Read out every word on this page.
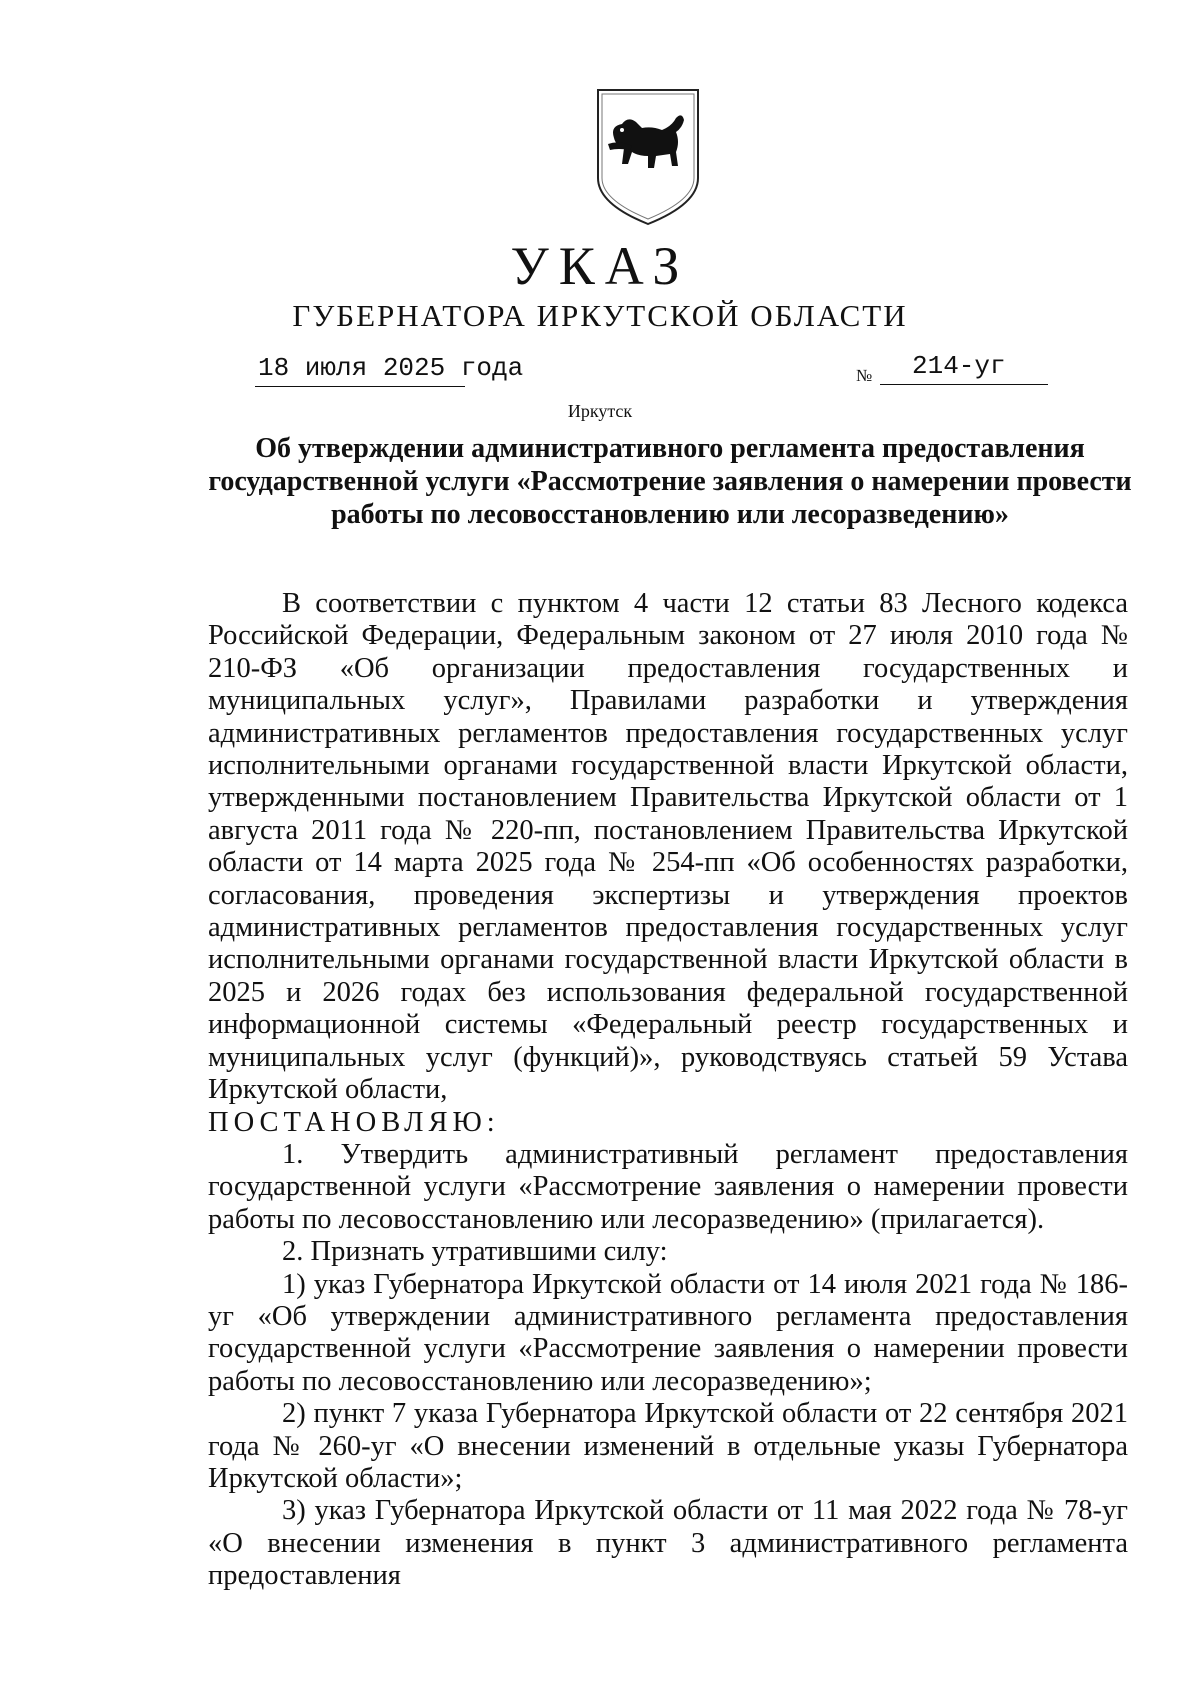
УКАЗ
ГУБЕРНАТОРА ИРКУТСКОЙ ОБЛАСТИ
18 июля 2025 года	№ 214-уг
Иркутск
Об утверждении административного регламента предоставления государственной услуги «Рассмотрение заявления о намерении провести работы по лесовосстановлению или лесоразведению»

В соответствии с пунктом 4 части 12 статьи 83 Лесного кодекса Российской Федерации, Федеральным законом от 27 июля 2010 года № 210-ФЗ «Об организации предоставления государственных и муниципальных услуг», Правилами разработки и утверждения административных регламентов предоставления государственных услуг исполнительными органами государственной власти Иркутской области, утвержденными постановлением Правительства Иркутской области от 1 августа 2011 года № 220-пп, постановлением Правительства Иркутской области от 14 марта 2025 года № 254-пп «Об особенностях разработки, согласования, проведения экспертизы и утверждения проектов административных регламентов предоставления государственных услуг исполнительными органами государственной власти Иркутской области в 2025 и 2026 годах без использования федеральной государственной информационной системы «Федеральный реестр государственных и муниципальных услуг (функций)», руководствуясь статьей 59 Устава Иркутской области,

ПОСТАНОВЛЯЮ:

1. Утвердить административный регламент предоставления государственной услуги «Рассмотрение заявления о намерении провести работы по лесовосстановлению или лесоразведению» (прилагается).

2. Признать утратившими силу:

1) указ Губернатора Иркутской области от 14 июля 2021 года № 186-уг «Об утверждении административного регламента предоставления государственной услуги «Рассмотрение заявления о намерении провести работы по лесовосстановлению или лесоразведению»;

2) пункт 7 указа Губернатора Иркутской области от 22 сентября 2021 года № 260-уг «О внесении изменений в отдельные указы Губернатора Иркутской области»;

3) указ Губернатора Иркутской области от 11 мая 2022 года № 78-уг «О внесении изменения в пункт 3 административного регламента предоставления
